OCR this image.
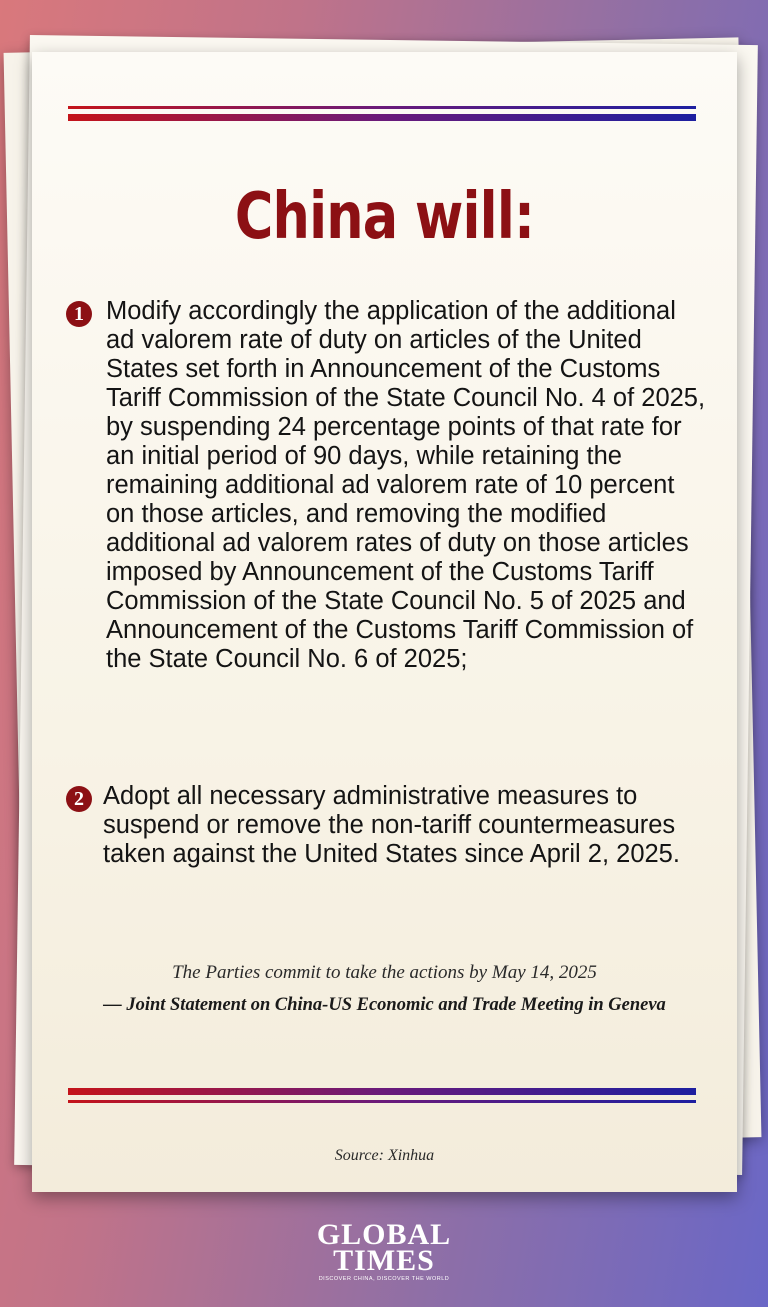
China will:
1 Modify accordingly the application of the additional ad valorem rate of duty on articles of the United States set forth in Announcement of the Customs Tariff Commission of the State Council No. 4 of 2025, by suspending 24 percentage points of that rate for an initial period of 90 days, while retaining the remaining additional ad valorem rate of 10 percent on those articles, and removing the modified additional ad valorem rates of duty on those articles imposed by Announcement of the Customs Tariff Commission of the State Council No. 5 of 2025 and Announcement of the Customs Tariff Commission of the State Council No. 6 of 2025;
2 Adopt all necessary administrative measures to suspend or remove the non-tariff countermeasures taken against the United States since April 2, 2025.
The Parties commit to take the actions by May 14, 2025
— Joint Statement on China-US Economic and Trade Meeting in Geneva
Source: Xinhua
GLOBAL
TIMES
DISCOVER CHINA, DISCOVER THE WORLD
